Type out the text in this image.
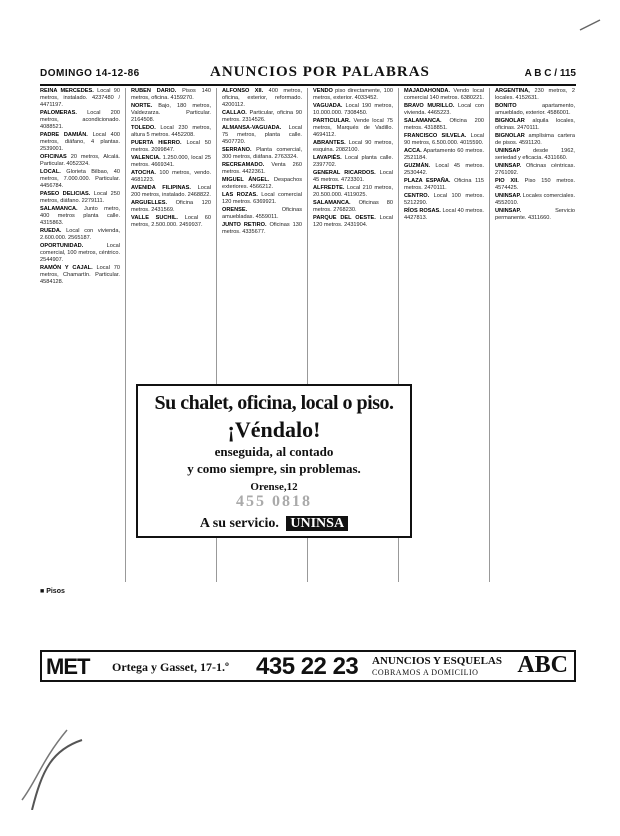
DOMINGO 14-12-86	ANUNCIOS POR PALABRAS	A B C / 115

REINA MERCEDES. Local 90 metros, instalado. 4237480 / 4471197.

PALOMERAS. Local 200 metros, acondicionado. 4088521.

PADRE DAMIÁN. Local 400 metros, diáfano, 4 plantas. 2539001.

OFICINAS 20 metros, Alcalá. Particular. 4052324.

LOCAL. Glorieta Bilbao, 40 metros, 7.000.000. Particular. 4456784.

PASEO DELICIAS. Local 250 metros, diáfano. 2279111.

SALAMANCA. Junto metro, 400 metros planta calle. 4315863.

RUEDA. Local con vivienda, 2.600.000. 2565187.

OPORTUNIDAD.	Local comercial, 100 metros, céntrico. 2544907.

RAMÓN Y CAJAL. Local 70 metros, Chamartín. Particular. 4584128.

RUBÉN DARÍO. Pisos 140 metros, oficina. 4159270.

NORTE. Bajo, 180 metros, Valdezarza. Particular. 2164508.

TOLEDO. Local 230 metros, altura 5 metros. 4452208.

PUERTA HIERRO. Local 50 metros. 2099847.

VALENCIA. 1.250.000, local 25 metros. 4669341.

ATOCHA. 100 metros, vendo. 4681223.

AVENIDA FILIPINAS. Local 200 metros, instalado. 2468822.

ARGUELLES. Oficina 120 metros. 2431569.

VALLE SUCHIL. Local 60 metros, 2.500.000. 2459937.

ALFONSO XII. 400 metros, oficina, exterior, reformado. 4200112.

CALLAO. Particular, oficina 90 metros. 2314526.

ALMANSA-VAGUADA. Local 75 metros, planta calle. 4507720.

SERRANO. Planta comercial, 300 metros, diáfana. 2763324.

RECREAMADO. Venta 260 metros. 4422361.

MIGUEL ÁNGEL. Despachos exteriores. 4566212.

LAS ROZAS. Local comercial 120 metros. 6369921.

ORENSE.	Oficinas amuebladas. 4559011.

JUNTO RETIRO. Oficinas 130 metros. 4335677.

VENDO piso directamente, 100 metros, exterior. 4033452.

VAGUADA. Local 190 metros, 10.000.000. 7308450.

PARTICULAR. Vende local 75 metros, Marqués de Vadillo. 4694112.

ABRANTES. Local 90 metros, esquina. 2082100.

LAVAPIÉS. Local planta calle. 2397702.

GENERAL RICARDOS. Local 45 metros. 4723301.

ALFREDTE. Local 210 metros, 20.500.000. 4119025.

SALAMANCA. Oficinas 80 metros. 2768230.

PARQUE DEL OESTE. Local 120 metros. 2431904.

MAJADAHONDA. Vendo local comercial 140 metros. 6380221.

BRAVO MURILLO. Local con vivienda. 4465223.

SALAMANCA. Oficina 200 metros. 4318851.

FRANCISCO SILVELA. Local 90 metros, 6.500.000. 4015590.

ACCA. Apartamento 60 metros. 2521184.

GUZMÁN. Local 45 metros. 2530442.

PLAZA ESPAÑA. Oficina 115 metros. 2470111.

CENTRO. Local 100 metros. 5212290.

RÍOS ROSAS. Local 40 metros. 4427813.

ARGENTINA, 230 metros, 2 locales. 4152631.

BONITO	apartamento, amueblado, exterior. 4586001.

BIGNOLAR alquila locales, oficinas. 2470111.

BIGNOLAR amplísima cartera de pisos. 4591120.

UNINSAP desde 1962, seriedad y eficacia. 4311660.

UNINSAP. Oficinas céntricas. 2761092.

PIO XII. Piso 150 metros. 4574425.

UNINSAP. Locales comerciales. 4552010.

UNINSAP.	Servicio permanente. 4311660.

■ Pisos
Su chalet, oficina, local o piso.
¡Véndalo!
enseguida, al contado
y como siempre, sin problemas.
Orense,12
455 0818
A su servicio. UNINSA
MET Ortega y Gasset, 17-1.º 435 22 23 ANUNCIOS Y ESQUELAS
COBRAMOS A DOMICILIO ABC
